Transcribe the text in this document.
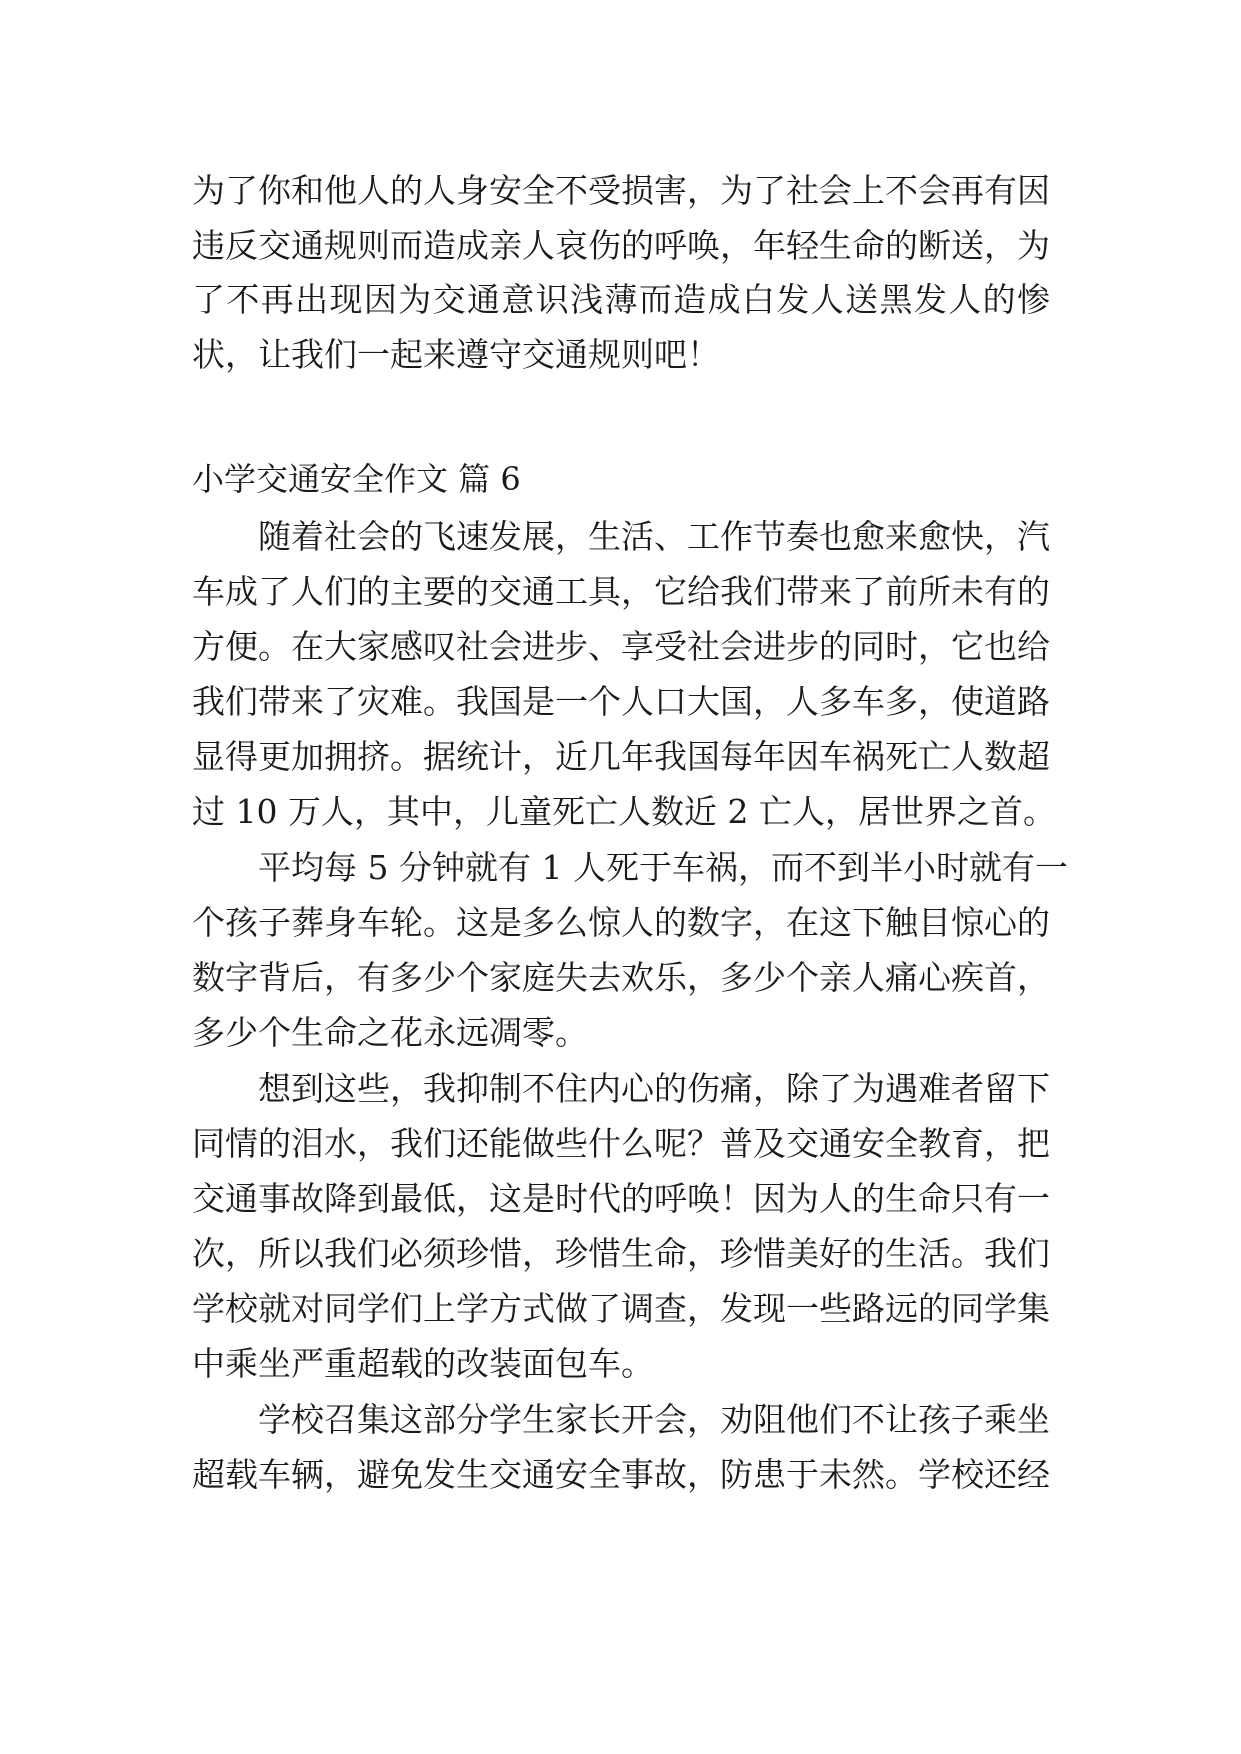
为了你和他人的人身安全不受损害，为了社会上不会再有因
违反交通规则而造成亲人哀伤的呼唤，年轻生命的断送，为
了不再出现因为交通意识浅薄而造成白发人送黑发人的惨
状，让我们一起来遵守交通规则吧！
小学交通安全作文 篇 6
随着社会的飞速发展，生活、工作节奏也愈来愈快，汽
车成了人们的主要的交通工具，它给我们带来了前所未有的
方便。在大家感叹社会进步、享受社会进步的同时，它也给
我们带来了灾难。我国是一个人口大国，人多车多，使道路
显得更加拥挤。据统计，近几年我国每年因车祸死亡人数超
过 10 万人，其中，儿童死亡人数近 2 亡人，居世界之首。
平均每 5 分钟就有 1 人死于车祸，而不到半小时就有一
个孩子葬身车轮。这是多么惊人的数字，在这下触目惊心的
数字背后，有多少个家庭失去欢乐，多少个亲人痛心疾首，
多少个生命之花永远凋零。
想到这些，我抑制不住内心的伤痛，除了为遇难者留下
同情的泪水，我们还能做些什么呢？普及交通安全教育，把
交通事故降到最低，这是时代的呼唤！因为人的生命只有一
次，所以我们必须珍惜，珍惜生命，珍惜美好的生活。我们
学校就对同学们上学方式做了调查，发现一些路远的同学集
中乘坐严重超载的改装面包车。
学校召集这部分学生家长开会，劝阻他们不让孩子乘坐
超载车辆，避免发生交通安全事故，防患于未然。学校还经
